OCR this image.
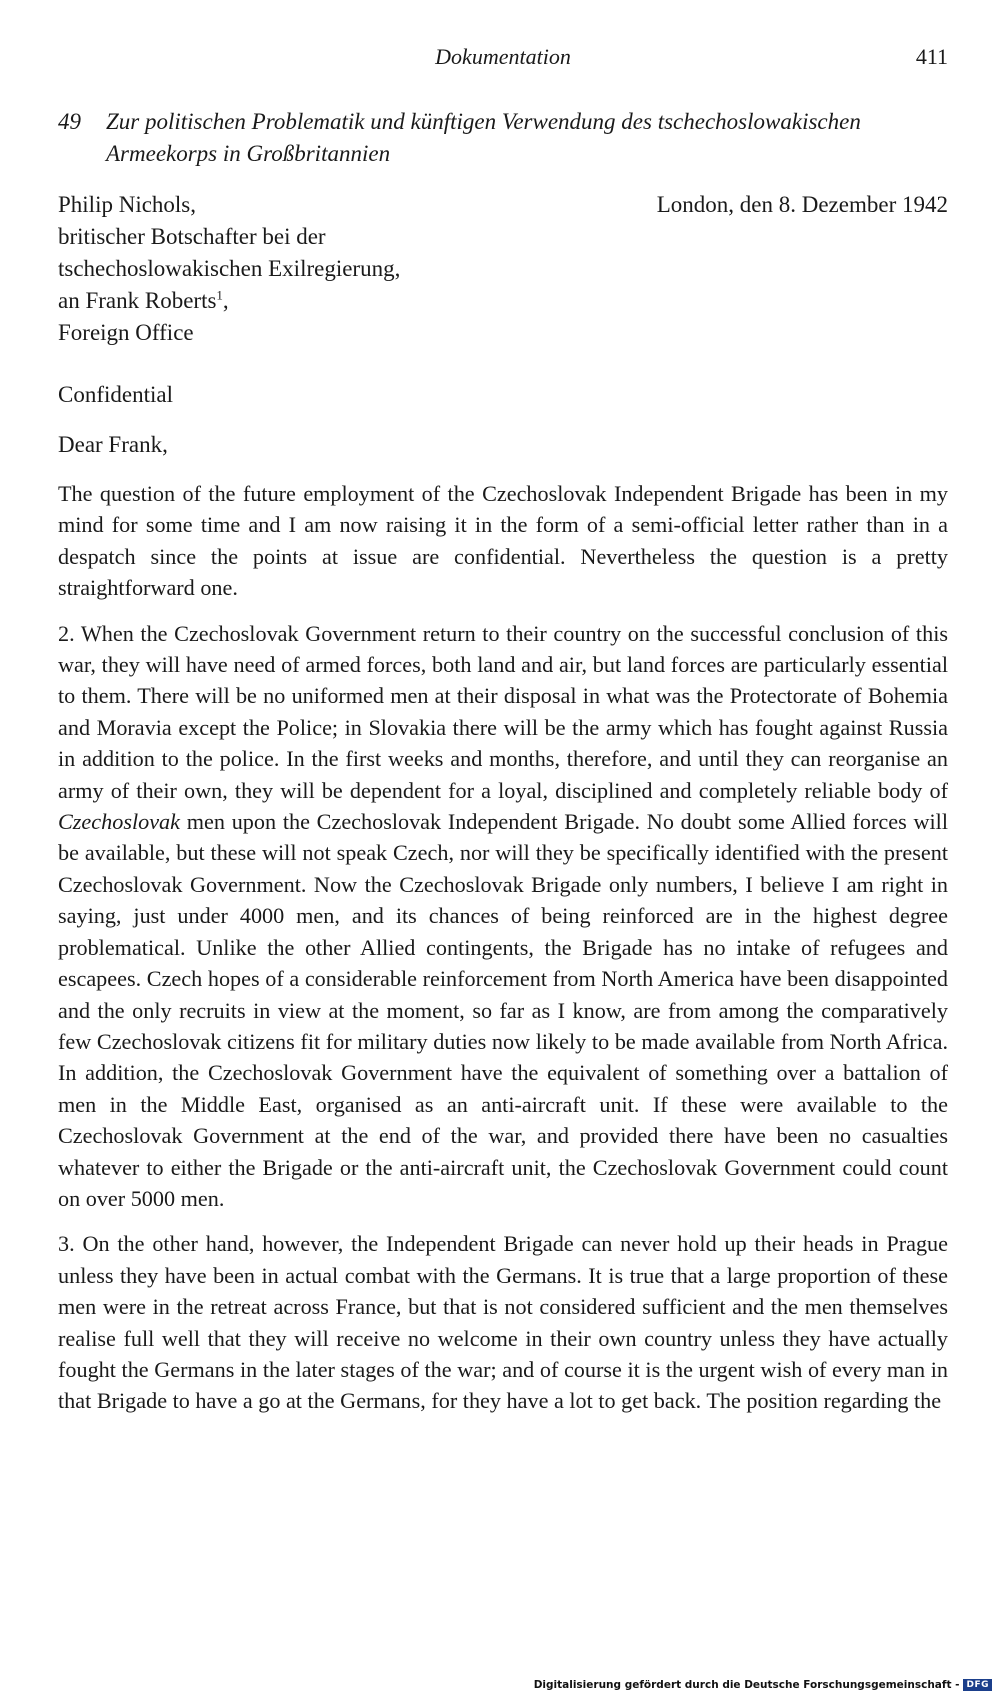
Dokumentation	411
49 Zur politischen Problematik und künftigen Verwendung des tschechoslowakischen Armeekorps in Großbritannien
Philip Nichols,
britischer Botschafter bei der
tschechoslowakischen Exilregierung,
an Frank Roberts$^1$,
Foreign Office
London, den 8. Dezember 1942
Confidential
Dear Frank,

The question of the future employment of the Czechoslovak Independent Brigade has been in my mind for some time and I am now raising it in the form of a semi-official letter rather than in a despatch since the points at issue are confidential. Nevertheless the question is a pretty straightforward one.

2. When the Czechoslovak Government return to their country on the successful conclusion of this war, they will have need of armed forces, both land and air, but land forces are particularly essential to them. There will be no uniformed men at their disposal in what was the Protectorate of Bohemia and Moravia except the Police; in Slovakia there will be the army which has fought against Russia in addition to the police. In the first weeks and months, therefore, and until they can reorganise an army of their own, they will be dependent for a loyal, disciplined and completely reliable body of Czechoslovak men upon the Czechoslovak Independent Brigade. No doubt some Allied forces will be available, but these will not speak Czech, nor will they be specifically identified with the present Czechoslovak Government. Now the Czechoslovak Brigade only numbers, I believe I am right in saying, just under 4000 men, and its chances of being reinforced are in the highest degree problematical. Unlike the other Allied contingents, the Brigade has no intake of refugees and escapees. Czech hopes of a considerable reinforcement from North America have been disappointed and the only recruits in view at the moment, so far as I know, are from among the comparatively few Czechoslovak citizens fit for military duties now likely to be made available from North Africa. In addition, the Czechoslovak Government have the equivalent of something over a battalion of men in the Middle East, organised as an anti-aircraft unit. If these were available to the Czechoslovak Government at the end of the war, and provided there have been no casualties whatever to either the Brigade or the anti-aircraft unit, the Czechoslovak Government could count on over 5000 men.

3. On the other hand, however, the Independent Brigade can never hold up their heads in Prague unless they have been in actual combat with the Germans. It is true that a large proportion of these men were in the retreat across France, but that is not considered sufficient and the men themselves realise full well that they will receive no welcome in their own country unless they have actually fought the Germans in the later stages of the war; and of course it is the urgent wish of every man in that Brigade to have a go at the Germans, for they have a lot to get back. The position regarding the

Digitalisierung gefördert durch die Deutsche Forschungsgemeinschaft - DFG
